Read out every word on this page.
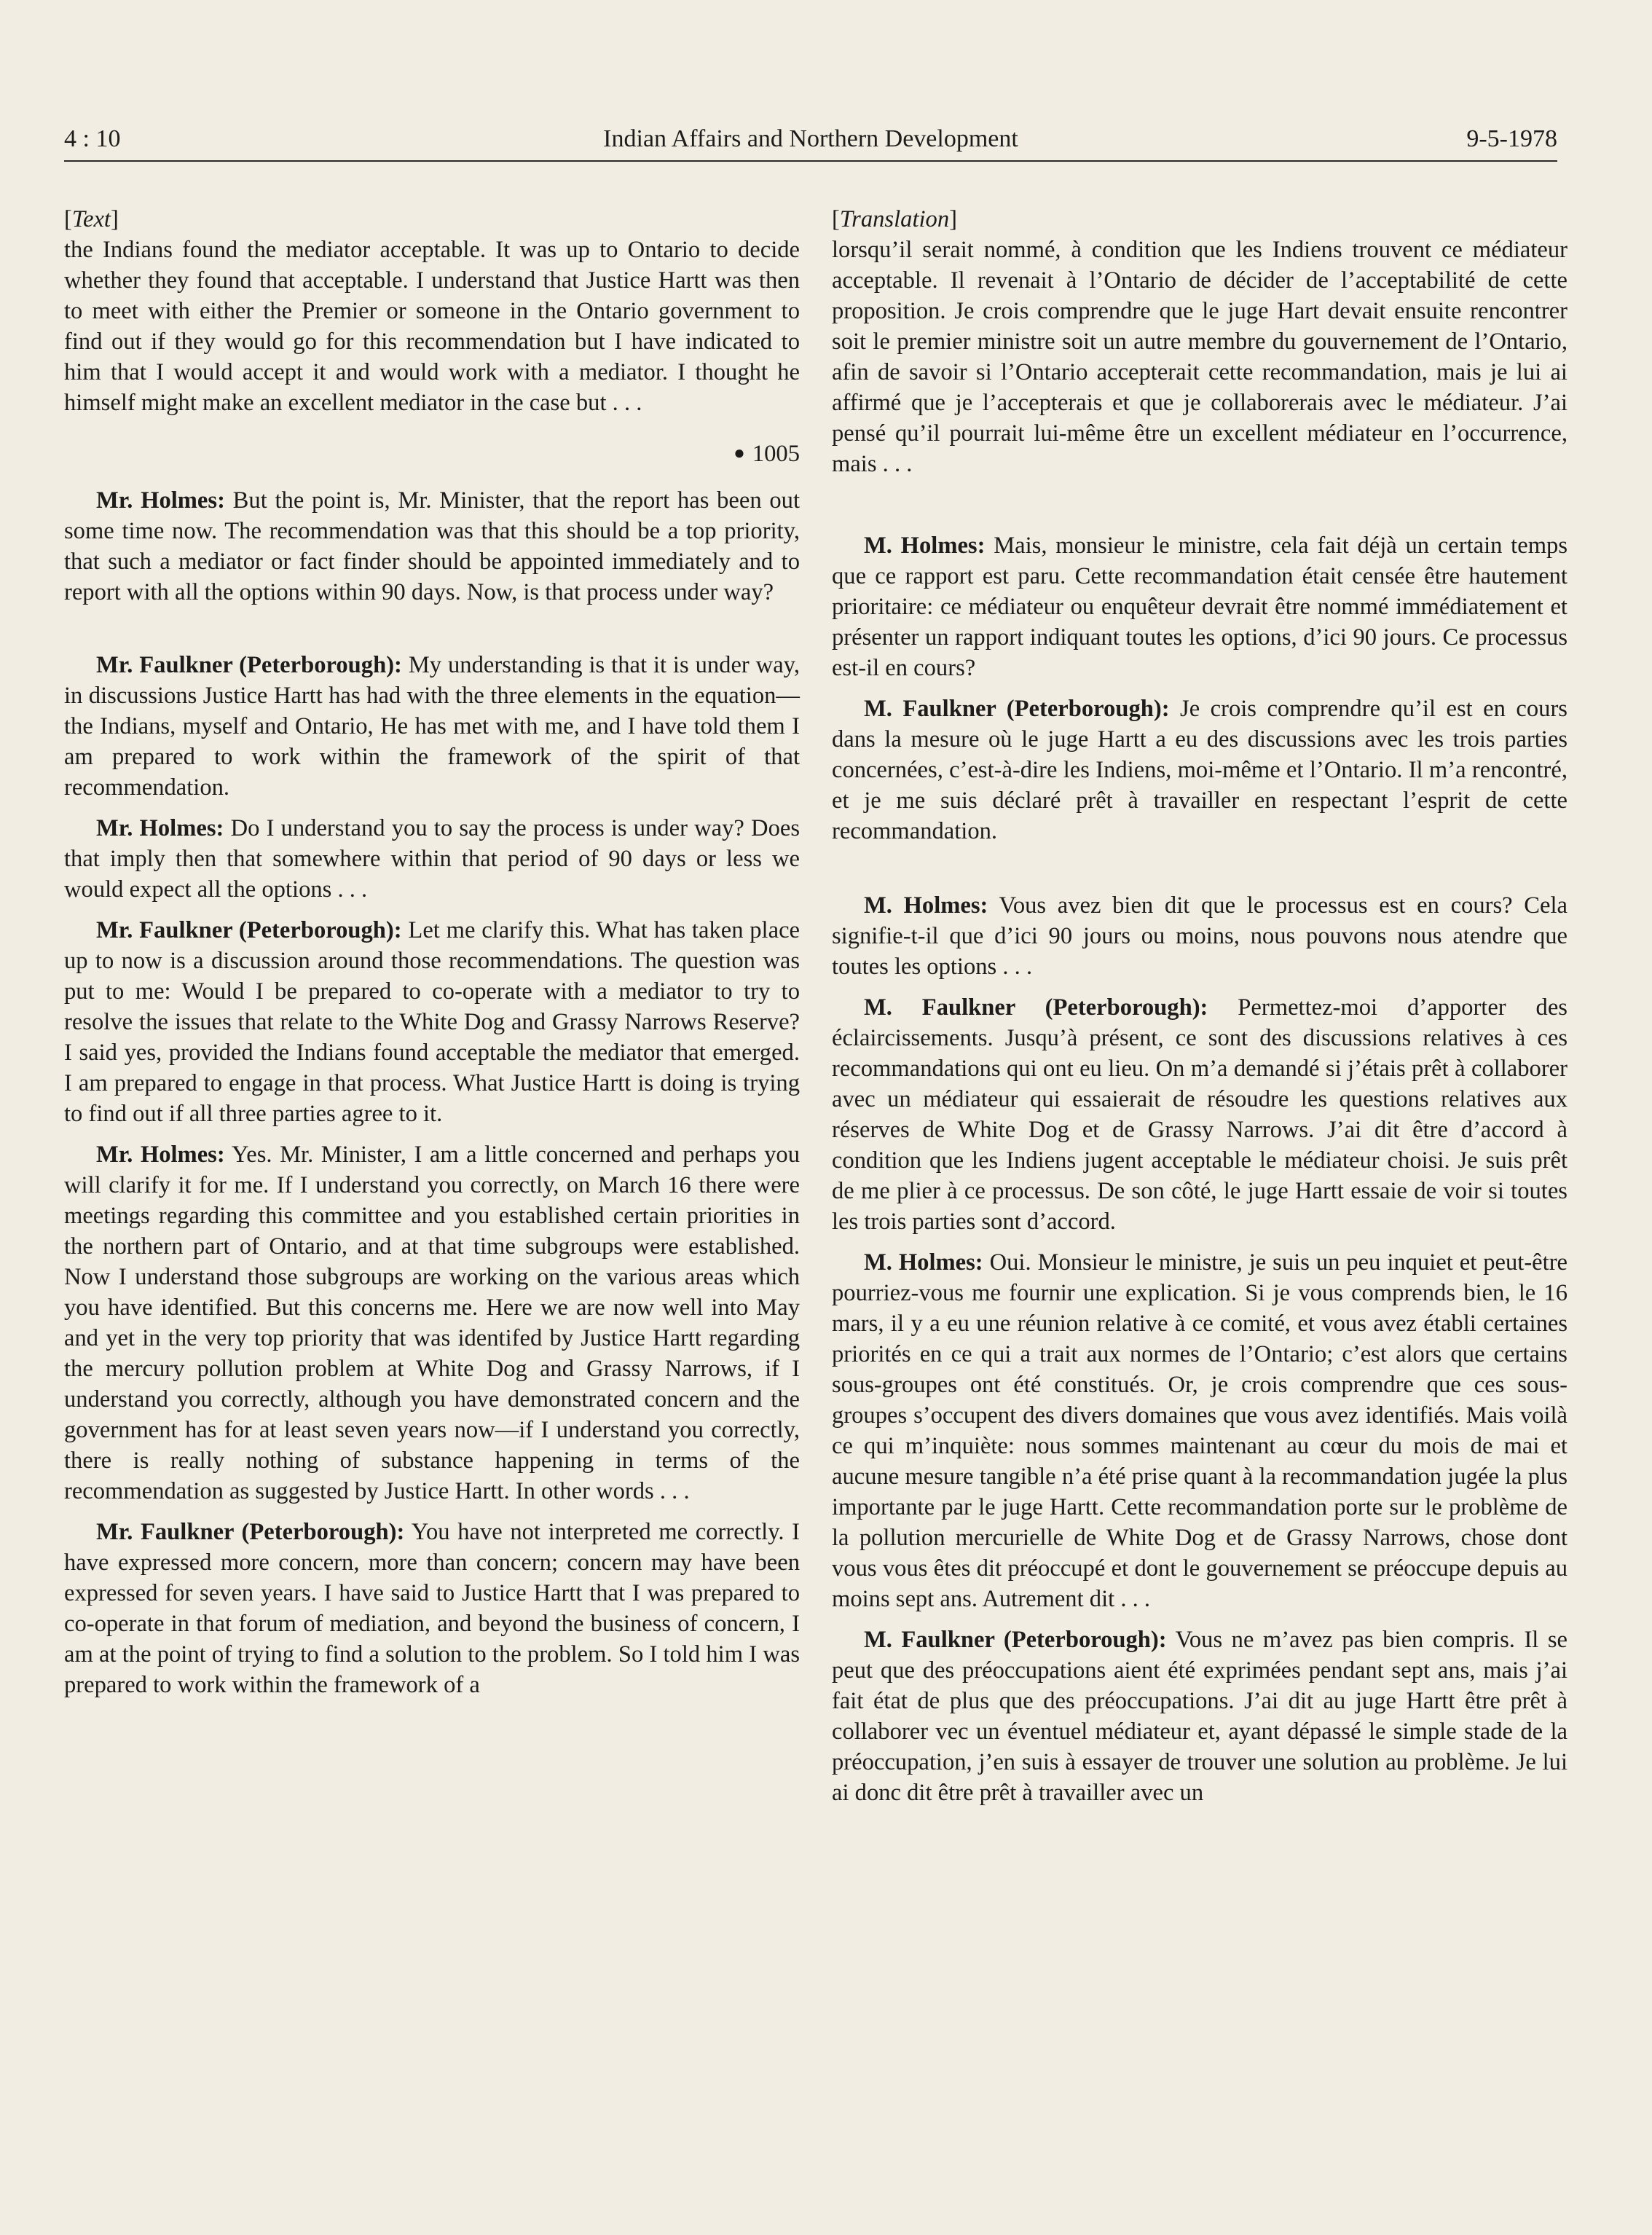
4 : 10	Indian Affairs and Northern Development	9-5-1978
[Text]

the Indians found the mediator acceptable. It was up to Ontario to decide whether they found that acceptable. I understand that Justice Hartt was then to meet with either the Premier or someone in the Ontario government to find out if they would go for this recommendation but I have indicated to him that I would accept it and would work with a mediator. I thought he himself might make an excellent mediator in the case but . . .

● 1005

Mr. Holmes: But the point is, Mr. Minister, that the report has been out some time now. The recommendation was that this should be a top priority, that such a mediator or fact finder should be appointed immediately and to report with all the options within 90 days. Now, is that process under way?

Mr. Faulkner (Peterborough): My understanding is that it is under way, in discussions Justice Hartt has had with the three elements in the equation—the Indians, myself and Ontario, He has met with me, and I have told them I am prepared to work within the framework of the spirit of that recommendation.

Mr. Holmes: Do I understand you to say the process is under way? Does that imply then that somewhere within that period of 90 days or less we would expect all the options . . .

Mr. Faulkner (Peterborough): Let me clarify this. What has taken place up to now is a discussion around those recommendations. The question was put to me: Would I be prepared to co-operate with a mediator to try to resolve the issues that relate to the White Dog and Grassy Narrows Reserve? I said yes, provided the Indians found acceptable the mediator that emerged. I am prepared to engage in that process. What Justice Hartt is doing is trying to find out if all three parties agree to it.

Mr. Holmes: Yes. Mr. Minister, I am a little concerned and perhaps you will clarify it for me. If I understand you correctly, on March 16 there were meetings regarding this committee and you established certain priorities in the northern part of Ontario, and at that time subgroups were established. Now I understand those subgroups are working on the various areas which you have identified. But this concerns me. Here we are now well into May and yet in the very top priority that was identifed by Justice Hartt regarding the mercury pollution problem at White Dog and Grassy Narrows, if I understand you correctly, although you have demonstrated concern and the government has for at least seven years now—if I understand you correctly, there is really nothing of substance happening in terms of the recommendation as suggested by Justice Hartt. In other words . . .

Mr. Faulkner (Peterborough): You have not interpreted me correctly. I have expressed more concern, more than concern; concern may have been expressed for seven years. I have said to Justice Hartt that I was prepared to co-operate in that forum of mediation, and beyond the business of concern, I am at the point of trying to find a solution to the problem. So I told him I was prepared to work within the framework of a

[Translation]

lorsqu’il serait nommé, à condition que les Indiens trouvent ce médiateur acceptable. Il revenait à l’Ontario de décider de l’acceptabilité de cette proposition. Je crois comprendre que le juge Hart devait ensuite rencontrer soit le premier ministre soit un autre membre du gouvernement de l’Ontario, afin de savoir si l’Ontario accepterait cette recommandation, mais je lui ai affirmé que je l’accepterais et que je collaborerais avec le médiateur. J’ai pensé qu’il pourrait lui-même être un excellent médiateur en l’occurrence, mais . . .

M. Holmes: Mais, monsieur le ministre, cela fait déjà un certain temps que ce rapport est paru. Cette recommandation était censée être hautement prioritaire: ce médiateur ou enquêteur devrait être nommé immédiatement et présenter un rapport indiquant toutes les options, d’ici 90 jours. Ce processus est-il en cours?

M. Faulkner (Peterborough): Je crois comprendre qu’il est en cours dans la mesure où le juge Hartt a eu des discussions avec les trois parties concernées, c’est-à-dire les Indiens, moi-même et l’Ontario. Il m’a rencontré, et je me suis déclaré prêt à travailler en respectant l’esprit de cette recommandation.

M. Holmes: Vous avez bien dit que le processus est en cours? Cela signifie-t-il que d’ici 90 jours ou moins, nous pouvons nous atendre que toutes les options . . .

M. Faulkner (Peterborough): Permettez-moi d’apporter des éclaircissements. Jusqu’à présent, ce sont des discussions relatives à ces recommandations qui ont eu lieu. On m’a demandé si j’étais prêt à collaborer avec un médiateur qui essaierait de résoudre les questions relatives aux réserves de White Dog et de Grassy Narrows. J’ai dit être d’accord à condition que les Indiens jugent acceptable le médiateur choisi. Je suis prêt de me plier à ce processus. De son côté, le juge Hartt essaie de voir si toutes les trois parties sont d’accord.

M. Holmes: Oui. Monsieur le ministre, je suis un peu inquiet et peut-être pourriez-vous me fournir une explication. Si je vous comprends bien, le 16 mars, il y a eu une réunion relative à ce comité, et vous avez établi certaines priorités en ce qui a trait aux normes de l’Ontario; c’est alors que certains sous-groupes ont été constitués. Or, je crois comprendre que ces sous-groupes s’occupent des divers domaines que vous avez identifiés. Mais voilà ce qui m’inquiète: nous sommes maintenant au cœur du mois de mai et aucune mesure tangible n’a été prise quant à la recommandation jugée la plus importante par le juge Hartt. Cette recommandation porte sur le problème de la pollution mercurielle de White Dog et de Grassy Narrows, chose dont vous vous êtes dit préoccupé et dont le gouvernement se préoccupe depuis au moins sept ans. Autrement dit . . .

M. Faulkner (Peterborough): Vous ne m’avez pas bien compris. Il se peut que des préoccupations aient été exprimées pendant sept ans, mais j’ai fait état de plus que des préoccupations. J’ai dit au juge Hartt être prêt à collaborer vec un éventuel médiateur et, ayant dépassé le simple stade de la préoccupation, j’en suis à essayer de trouver une solution au problème. Je lui ai donc dit être prêt à travailler avec un
